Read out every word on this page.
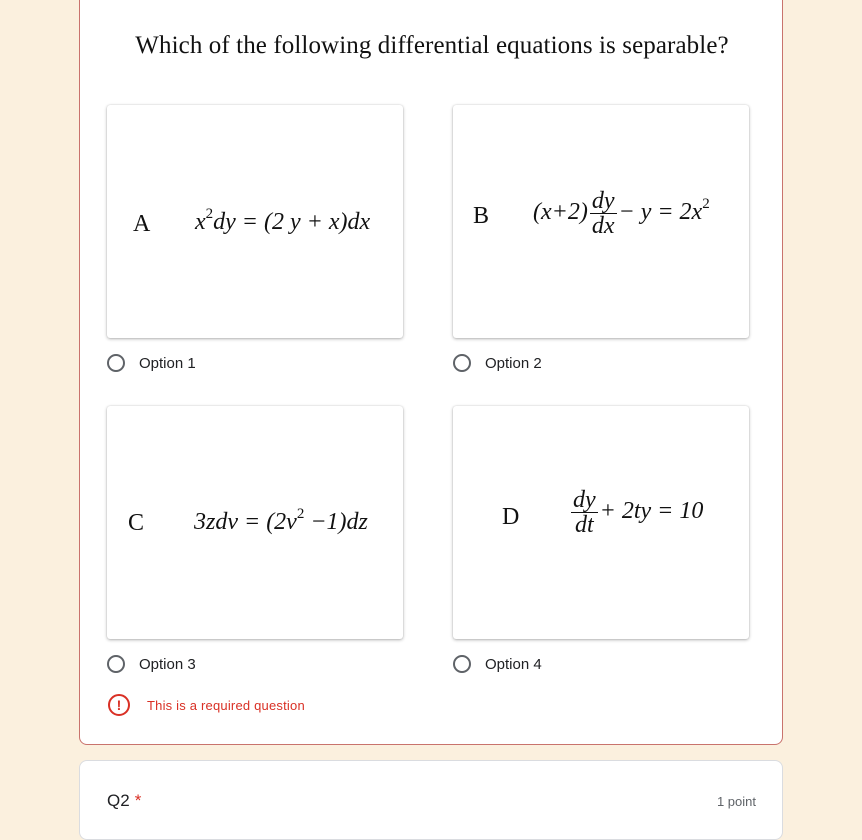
Which of the following differential equations is separable?
A $x^2dy = (2$ y + x)dx
Option 1
B $(x+2) \frac{dy}{dx} - y = 2x^2$
Option 2
C $3zdv = (2v^2 -1)dz$
Option 3
D $\frac{dy}{dt} + 2ty = 10$
Option 4
!	This is a required question
Q2 *	1 point
